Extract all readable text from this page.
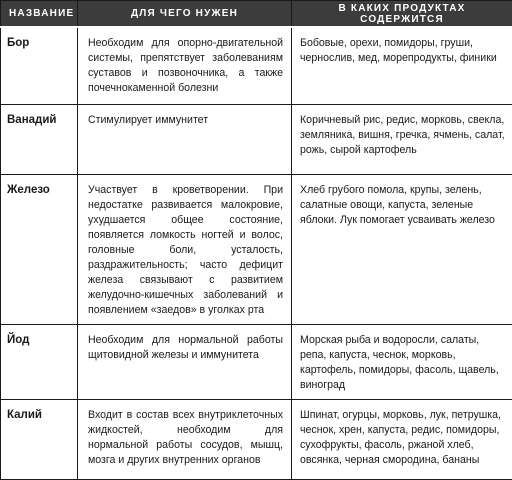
НАЗВАНИЕ	ДЛЯ ЧЕГО НУЖЕН	В КАКИХ ПРОДУКТАХ СОДЕРЖИТСЯ
Бор	Необходим для опорно-двигательной системы, препятствует заболеваниям суставов и позвоночника, а также почечнокаменной болезни	Бобовые, орехи, помидоры, груши, чернослив, мед, морепродукты, финики
Ванадий	Стимулирует иммунитет	Коричневый рис, редис, морковь, свекла, земляника, вишня, гречка, ячмень, салат, рожь, сырой картофель
Железо	Участвует в кроветворении. При недостатке развивается малокровие, ухудшается общее состояние, появляется ломкость ногтей и волос, головные боли, усталость, раздражительность; часто дефицит железа связывают с развитием желудочно-кишечных заболеваний и появлением «заедов» в уголках рта	Хлеб грубого помола, крупы, зелень, салатные овощи, капуста, зеленые яблоки. Лук помогает усваивать железо
Йод	Необходим для нормальной работы щитовидной железы и иммунитета	Морская рыба и водоросли, салаты, репа, капуста, чеснок, морковь, картофель, помидоры, фасоль, щавель, виноград
Калий	Входит в состав всех внутриклеточных жидкостей, необходим для нормальной работы сосудов, мышц, мозга и других внутренних органов	Шпинат, огурцы, морковь, лук, петрушка, чеснок, хрен, капуста, редис, помидоры, сухофрукты, фасоль, ржаной хлеб, овсянка, черная смородина, бананы
